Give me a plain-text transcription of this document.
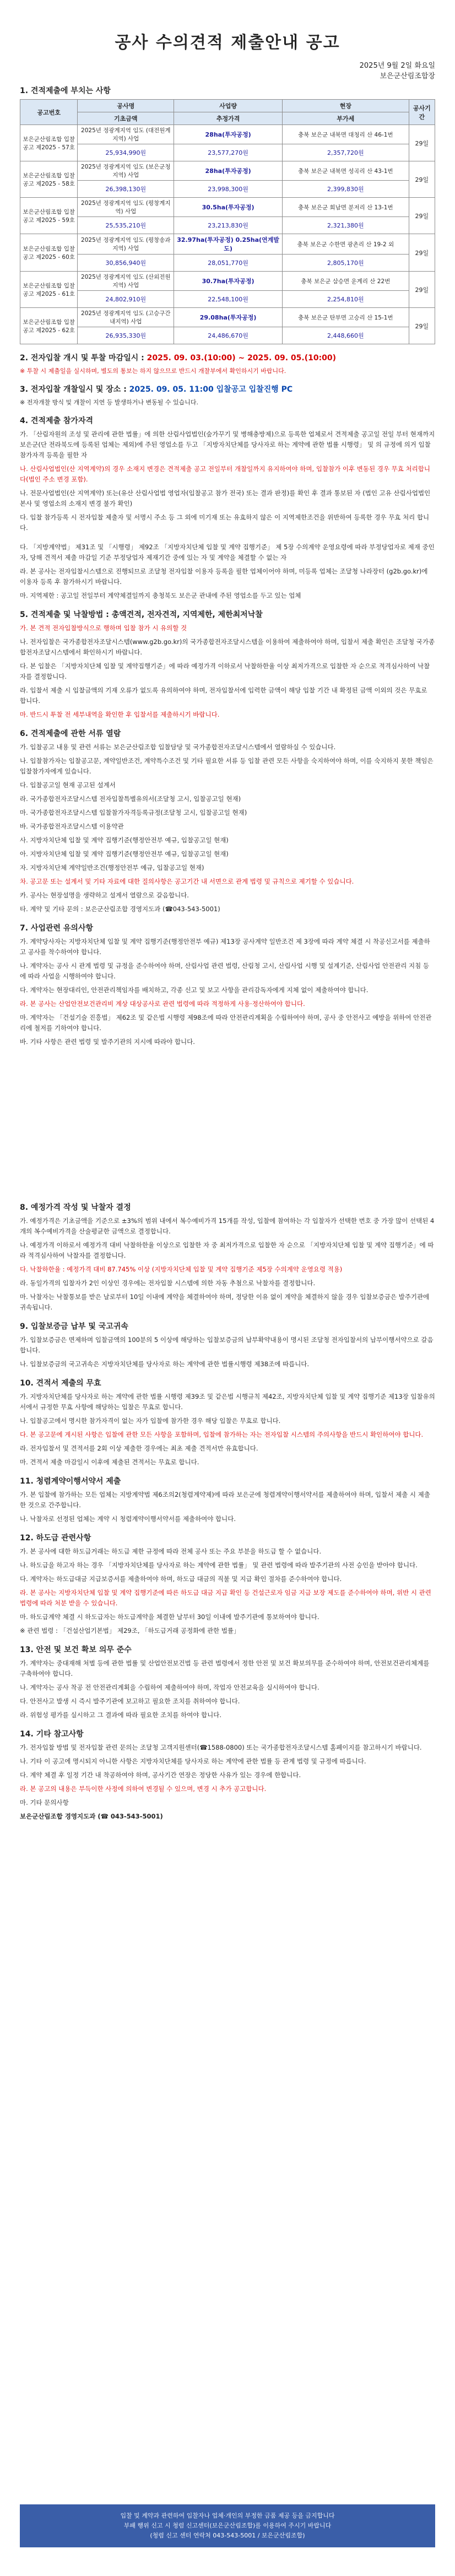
공사 수의견적 제출안내 공고
2025년 9월 2일 화요일
보은군산림조합장
1. 견적제출에 부치는 사항
공고번호	공사명	사업량	현장	공사기간
	기초금액	추정가격	부가세	
보은군산림조합 입찰공고 제2025 - 57호	2025년 정광계지역 임도 (대전원계지역) 사업	28ha(투자공정)	충북 보은군 내북면 대청리 산 46-1번	29일
	25,934,990원	23,577,270원	2,357,720원	
보은군산림조합 입찰공고 제2025 - 58호	2025년 정광계지역 임도 (보은군청지역) 사업	28ha(투자공정)	충북 보은군 내북면 성곡리 산 43-1번	29일
	26,398,130원	23,998,300원	2,399,830원	
보은군산림조합 입찰공고 제2025 - 59호	2025년 정광계지역 임도 (평창계지역) 사업	30.5ha(투자공정)	충북 보은군 회남면 분저리 산 13-1번	29일
	25,535,210원	23,213,830원	2,321,380원	
보은군산림조합 입찰공고 제2025 - 60호	2025년 정광계지역 임도 (평창송과지역) 사업	32.97ha(투자공정) 0.25ha(연계발도)	충북 보은군 수한면 광촌리 산 19-2 외	29일
	30,856,940원	28,051,770원	2,805,170원	
보은군산림조합 입찰공고 제2025 - 61호	2025년 정광계지역 임도 (산외전원지역) 사업	30.7ha(투자공정)	충북 보은군 삼승면 운계리 산 22번	29일
	24,802,910원	22,548,100원	2,254,810원	
보은군산림조합 입찰공고 제2025 - 62호	2025년 정광계지역 임도 (고승구간내지역) 사업	29.08ha(투자공정)	충북 보은군 탄부면 고승리 산 15-1번	29일
	26,935,330원	24,486,670원	2,448,660원	
2. 전자입찰 개시 및 투찰 마감일시 : 2025. 09. 03.(10:00) ~ 2025. 09. 05.(10:00)
※ 투찰 시 제출일을 실시하며, 별도의 통보는 하지 않으므로 반드시 개찰부에서 확인하시기 바랍니다.
3. 전자입찰 개찰일시 및 장소 : 2025. 09. 05. 11:00 입찰공고 입찰진행 PC
※ 전자개찰 방식 및 개찰이 지연 등 발생하거나 변동될 수 있습니다.
4. 견적제출 참가자격

가. 「산림자원의 조성 및 관리에 관한 법률」에 의한 산림사업법인(숲가꾸기 및 병해충방제)으로 등록한 업체로서 견적제출 공고일 전일 부터 현재까지 보은군(단 전라북도에 등록된 업체는 제외)에 주된 영업소를 두고 「지방자치단체를 당사자로 하는 계약에 관한 법률 시행령」 및 의 규정에 의거 입찰참가자격 등록을 필한 자

나. 산림사업법인(산 지역계약)의 경우 소재지 변경은 견적제출 공고 전일부터 개찰일까지 유지하여야 하며, 입찰참가 이후 변동된 경우 무효 처리합니다(법인 주소 변경 포함).

나. 전문사업법인(산 지역계약) 또는(유산 산림사업법 영업자(입찰공고 참가 전국) 또는 결과 판정)를 확인 후 결과 통보된 자 (법인 고유 산림사업법인 본사 및 영업소의 소재지 변경 불가 확인)

다. 입찰 참가등록 시 전자입찰 제출자 및 서명시 주소 등 그 외에 미기재 또는 유효하지 않은 이 지역제한조건을 위반하여 등록한 경우 무효 처리 합니다.

다. 「지방계약법」 제31조 및 「시행령」 제92조 「지방자치단체 입찰 및 계약 집행기준」 제 5장 수의계약 운영요령에 따라 부정당업자로 제재 중인 자, 당해 견적서 제출 마감일 기준 부정당업자 제재기간 중에 있는 자 및 계약을 체결할 수 없는 자

라. 본 공사는 전자입찰시스템으로 진행되므로 조달청 전자입찰 이용자 등록을 필한 업체이어야 하며, 미등록 업체는 조달청 나라장터 (g2b.go.kr)에 이용자 등록 후 참가하시기 바랍니다.

마. 지역제한 : 공고일 전일부터 계약체결일까지 충청북도 보은군 관내에 주된 영업소를 두고 있는 업체

5. 견적제출 및 낙찰방법 : 총액견적, 전자견적, 지역제한, 제한최저낙찰

가. 본 견적 전자입찰방식으로 행하며 입찰 참가 시 유의할 것

나. 전자입찰은 국가종합전자조달시스템(www.g2b.go.kr)의 국가종합전자조달시스템을 이용하여 제출하여야 하며, 입찰서 제출 확인은 조달청 국가종합전자조달시스템에서 확인하시기 바랍니다.

다. 본 입찰은 「지방자치단체 입찰 및 계약집행기준」에 따라 예정가격 이하로서 낙찰하한율 이상 최저가격으로 입찰한 자 순으로 적격심사하여 낙찰자를 결정합니다.

라. 입찰서 제출 시 입찰금액의 기재 오류가 없도록 유의하여야 하며, 전자입찰서에 입력한 금액이 해당 입찰 기간 내 확정된 금액 이외의 것은 무효로 합니다.

마. 반드시 투찰 전 세부내역을 확인한 후 입찰서를 제출하시기 바랍니다.

6. 견적제출에 관한 서류 열람

가. 입찰공고 내용 및 관련 서류는 보은군산림조합 입찰담당 및 국가종합전자조달시스템에서 열람하실 수 있습니다.

나. 입찰참가자는 입찰공고문, 계약일반조건, 계약특수조건 및 기타 필요한 서류 등 입찰 관련 모든 사항을 숙지하여야 하며, 이를 숙지하지 못한 책임은 입찰참가자에게 있습니다.

다. 입찰공고일 현재 공고된 설계서

라. 국가종합전자조달시스템 전자입찰특별유의서(조달청 고시, 입찰공고일 현재)

마. 국가종합전자조달시스템 입찰참가자격등록규정(조달청 고시, 입찰공고일 현재)

바. 국가종합전자조달시스템 이용약관

사. 지방자치단체 입찰 및 계약 집행기준(행정안전부 예규, 입찰공고일 현재)

아. 지방자치단체 입찰 및 계약 집행기준(행정안전부 예규, 입찰공고일 현재)

자. 지방자치단체 계약일반조건(행정안전부 예규, 입찰공고일 현재)

차. 공고문 또는 설계서 및 기타 자료에 대한 질의사항은 공고기간 내 서면으로 관계 법령 및 규칙으로 제기할 수 있습니다.

카. 공사는 현장설명을 생략하고 설계서 열람으로 갈음합니다.

타. 계약 및 기타 문의 : 보은군산림조합 경영지도과 (☎043-543-5001)

7. 사업관련 유의사항

가. 계약당사자는 지방자치단체 입찰 및 계약 집행기준(행정안전부 예규) 제13장 공사계약 일반조건 제 3장에 따라 계약 체결 시 착공신고서를 제출하고 공사를 착수하여야 합니다.

나. 계약자는 공사 시 관계 법령 및 규정을 준수하여야 하며, 산림사업 관련 법령, 산림청 고시, 산림사업 시행 및 설계기준, 산림사업 안전관리 지침 등에 따라 사업을 시행하여야 합니다.

다. 계약자는 현장대리인, 안전관리책임자를 배치하고, 각종 신고 및 보고 사항을 관리감독자에게 지체 없이 제출하여야 합니다.

라. 본 공사는 산업안전보건관리비 계상 대상공사로 관련 법령에 따라 적정하게 사용·정산하여야 합니다.

마. 계약자는 「건설기술 진흥법」 제62조 및 같은법 시행령 제98조에 따라 안전관리계획을 수립하여야 하며, 공사 중 안전사고 예방을 위하여 안전관리에 철저를 기하여야 합니다.

바. 기타 사항은 관련 법령 및 발주기관의 지시에 따라야 합니다.

8. 예정가격 작성 및 낙찰자 결정

가. 예정가격은 기초금액을 기준으로 ±3%의 범위 내에서 복수예비가격 15개를 작성, 입찰에 참여하는 각 입찰자가 선택한 번호 중 가장 많이 선택된 4개의 복수예비가격을 산술평균한 금액으로 결정합니다.

나. 예정가격 이하로서 예정가격 대비 낙찰하한율 이상으로 입찰한 자 중 최저가격으로 입찰한 자 순으로 「지방자치단체 입찰 및 계약 집행기준」에 따라 적격심사하여 낙찰자를 결정합니다.

다. 낙찰하한율 : 예정가격 대비 87.745% 이상 (지방자치단체 입찰 및 계약 집행기준 제5장 수의계약 운영요령 적용)

라. 동일가격의 입찰자가 2인 이상인 경우에는 전자입찰 시스템에 의한 자동 추첨으로 낙찰자를 결정합니다.

마. 낙찰자는 낙찰통보를 받은 날로부터 10일 이내에 계약을 체결하여야 하며, 정당한 이유 없이 계약을 체결하지 않을 경우 입찰보증금은 발주기관에 귀속됩니다.

9. 입찰보증금 납부 및 국고귀속

가. 입찰보증금은 면제하며 입찰금액의 100분의 5 이상에 해당하는 입찰보증금의 납부확약내용이 명시된 조달청 전자입찰서의 납부이행서약으로 갈음합니다.

나. 입찰보증금의 국고귀속은 지방자치단체를 당사자로 하는 계약에 관한 법률시행령 제38조에 따릅니다.

10. 견적서 제출의 무효

가. 지방자치단체를 당사자로 하는 계약에 관한 법률 시행령 제39조 및 같은법 시행규칙 제42조, 지방자치단체 입찰 및 계약 집행기준 제13장 입찰유의서에서 규정한 무효 사항에 해당하는 입찰은 무효로 합니다.

나. 입찰공고에서 명시한 참가자격이 없는 자가 입찰에 참가한 경우 해당 입찰은 무효로 합니다.

다. 본 공고문에 게시된 사항은 입찰에 관한 모든 사항을 포함하며, 입찰에 참가하는 자는 전자입찰 시스템의 주의사항을 반드시 확인하여야 합니다.

라. 전자입찰서 및 견적서를 2회 이상 제출한 경우에는 최초 제출 견적서만 유효합니다.

마. 견적서 제출 마감일시 이후에 제출된 견적서는 무효로 합니다.

11. 청렴계약이행서약서 제출

가. 본 입찰에 참가하는 모든 업체는 지방계약법 제6조의2(청렴계약제)에 따라 보은군에 청렴계약이행서약서를 제출하여야 하며, 입찰서 제출 시 제출한 것으로 간주합니다.

나. 낙찰자로 선정된 업체는 계약 시 청렴계약이행서약서를 제출하여야 합니다.

12. 하도급 관련사항

가. 본 공사에 대한 하도급거래는 하도급 제한 규정에 따라 전체 공사 또는 주요 부분을 하도급 할 수 없습니다.

나. 하도급을 하고자 하는 경우 「지방자치단체를 당사자로 하는 계약에 관한 법률」 및 관련 법령에 따라 발주기관의 사전 승인을 받아야 합니다.

다. 계약자는 하도급대금 지급보증서를 제출하여야 하며, 하도급 대금의 직불 및 지급 확인 절차를 준수하여야 합니다.

라. 본 공사는 지방자치단체 입찰 및 계약 집행기준에 따른 하도급 대금 지급 확인 등 건설근로자 임금 지급 보장 제도를 준수하여야 하며, 위반 시 관련 법령에 따라 처분 받을 수 있습니다.

마. 하도급계약 체결 시 하도급자는 하도급계약을 체결한 날부터 30일 이내에 발주기관에 통보하여야 합니다.

※ 관련 법령 : 「건설산업기본법」 제29조, 「하도급거래 공정화에 관한 법률」

13. 안전 및 보건 확보 의무 준수

가. 계약자는 중대재해 처벌 등에 관한 법률 및 산업안전보건법 등 관련 법령에서 정한 안전 및 보건 확보의무를 준수하여야 하며, 안전보건관리체계를 구축하여야 합니다.

나. 계약자는 공사 착공 전 안전관리계획을 수립하여 제출하여야 하며, 작업자 안전교육을 실시하여야 합니다.

다. 안전사고 발생 시 즉시 발주기관에 보고하고 필요한 조치를 취하여야 합니다.

라. 위험성 평가를 실시하고 그 결과에 따라 필요한 조치를 하여야 합니다.

14. 기타 참고사항

가. 전자입찰 방법 및 전자입찰 관련 문의는 조달청 고객지원센터(☎1588-0800) 또는 국가종합전자조달시스템 홈페이지를 참고하시기 바랍니다.

나. 기타 이 공고에 명시되지 아니한 사항은 지방자치단체를 당사자로 하는 계약에 관한 법률 등 관계 법령 및 규정에 따릅니다.

다. 계약 체결 후 일정 기간 내 착공하여야 하며, 공사기간 연장은 정당한 사유가 있는 경우에 한합니다.

라. 본 공고의 내용은 부득이한 사정에 의하여 변경될 수 있으며, 변경 시 추가 공고합니다.

마. 기타 문의사항

보은군산림조합 경영지도과 (☎ 043-543-5001)

입찰 및 계약과 관련하여 입찰자나 업체·개인의 부정한 금품 제공 등을 금지합니다
부패 행위 신고 시 청렴 신고센터(보은군산림조합)를 이용하여 주시기 바랍니다
(청렴 신고 센터 연락처 043-543-5001 / 보은군산림조합)
